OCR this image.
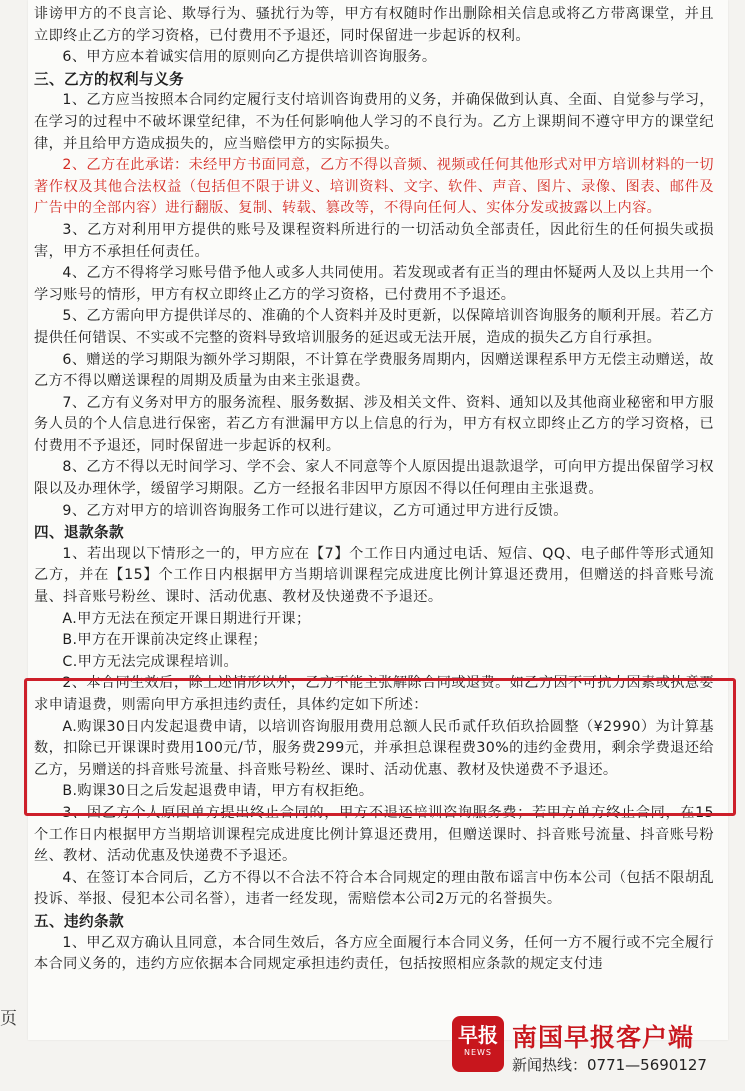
诽谤甲方的不良言论、欺辱行为、骚扰行为等，甲方有权随时作出删除相关信息或将乙方带离课堂，并且立即终止乙方的学习资格，已付费用不予退还，同时保留进一步起诉的权利。

6、甲方应本着诚实信用的原则向乙方提供培训咨询服务。

三、乙方的权利与义务

1、乙方应当按照本合同约定履行支付培训咨询费用的义务，并确保做到认真、全面、自觉参与学习，在学习的过程中不破坏课堂纪律，不为任何影响他人学习的不良行为。乙方上课期间不遵守甲方的课堂纪律，并且给甲方造成损失的，应当赔偿甲方的实际损失。

2、乙方在此承诺：未经甲方书面同意，乙方不得以音频、视频或任何其他形式对甲方培训材料的一切著作权及其他合法权益（包括但不限于讲义、培训资料、文字、软件、声音、图片、录像、图表、邮件及广告中的全部内容）进行翻版、复制、转载、篡改等，不得向任何人、实体分发或披露以上内容。

3、乙方对利用甲方提供的账号及课程资料所进行的一切活动负全部责任，因此衍生的任何损失或损害，甲方不承担任何责任。

4、乙方不得将学习账号借予他人或多人共同使用。若发现或者有正当的理由怀疑两人及以上共用一个学习账号的情形，甲方有权立即终止乙方的学习资格，已付费用不予退还。

5、乙方需向甲方提供详尽的、准确的个人资料并及时更新，以保障培训咨询服务的顺利开展。若乙方提供任何错误、不实或不完整的资料导致培训服务的延迟或无法开展，造成的损失乙方自行承担。

6、赠送的学习期限为额外学习期限，不计算在学费服务周期内，因赠送课程系甲方无偿主动赠送，故乙方不得以赠送课程的周期及质量为由来主张退费。

7、乙方有义务对甲方的服务流程、服务数据、涉及相关文件、资料、通知以及其他商业秘密和甲方服务人员的个人信息进行保密，若乙方有泄漏甲方以上信息的行为，甲方有权立即终止乙方的学习资格，已付费用不予退还，同时保留进一步起诉的权利。

8、乙方不得以无时间学习、学不会、家人不同意等个人原因提出退款退学，可向甲方提出保留学习权限以及办理休学，缓留学习期限。乙方一经报名非因甲方原因不得以任何理由主张退费。

9、乙方对甲方的培训咨询服务工作可以进行建议，乙方可通过甲方进行反馈。

四、退款条款

1、若出现以下情形之一的，甲方应在【7】个工作日内通过电话、短信、QQ、电子邮件等形式通知乙方，并在【15】个工作日内根据甲方当期培训课程完成进度比例计算退还费用，但赠送的抖音账号流量、抖音账号粉丝、课时、活动优惠、教材及快递费不予退还。

A.甲方无法在预定开课日期进行开课；

B.甲方在开课前决定终止课程；

C.甲方无法完成课程培训。

2、本合同生效后，除上述情形以外，乙方不能主张解除合同或退费。如乙方因不可抗力因素或执意要求申请退费，则需向甲方承担违约责任，具体约定如下所述：

A.购课30日内发起退费申请，以培训咨询服用费用总额人民币贰仟玖佰玖拾圆整（¥2990）为计算基数，扣除已开课课时费用100元/节，服务费299元，并承担总课程费30%的违约金费用，剩余学费退还给乙方，另赠送的抖音账号流量、抖音账号粉丝、课时、活动优惠、教材及快递费不予退还。

B.购课30日之后发起退费申请，甲方有权拒绝。

3、因乙方个人原因单方提出终止合同的，甲方不退还培训咨询服务费；若甲方单方终止合同，在15个工作日内根据甲方当期培训课程完成进度比例计算退还费用，但赠送课时、抖音账号流量、抖音账号粉丝、教材、活动优惠及快递费不予退还。

4、在签订本合同后，乙方不得以不合法不符合本合同规定的理由散布谣言中伤本公司（包括不限胡乱投诉、举报、侵犯本公司名誉），违者一经发现，需赔偿本公司2万元的名誉损失。

五、违约条款

1、甲乙双方确认且同意，本合同生效后，各方应全面履行本合同义务，任何一方不履行或不完全履行本合同义务的，违约方应依据本合同规定承担违约责任，包括按照相应条款的规定支付违

页
早报
NEWS
南国早报客户端
新闻热线：0771—5690127
